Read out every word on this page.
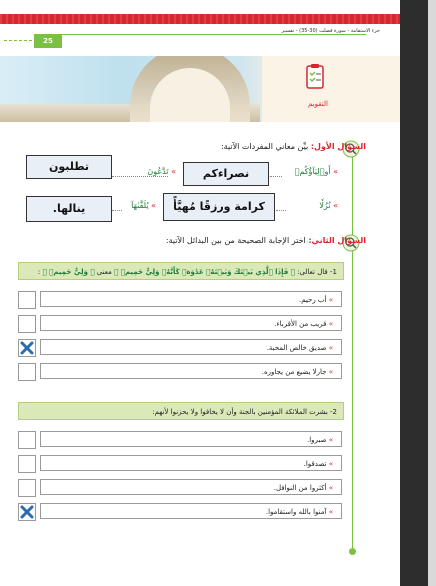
جزء الاستقامة - سورة فصلت (30-35) - تفسير
25
التقويم
السؤال الأول: بيِّن معاني المفردات الآتية:
» أَوۡلِيَآؤُكُمۡ
نصراءكم
» تَدَّعُونَ
تطلبون
» نُزُلٗا
كرامة ورزقًا مُهيَّأً
» يُلَقَّىٰهَآ
ينالها.
السؤال الثاني: اختر الإجابة الصحيحة من بين البدائل الآتية:
1- قال تعالى: ﴿ فَإِذَا ٱلَّذِي بَيۡنَكَ وَبَيۡنَهُۥ عَدَٰوَةٞ كَأَنَّهُۥ وَلِيٌّ حَمِيمٞ ﴾ معنى ﴿ وَلِيٌّ حَمِيمٞ ﴾ :
» أب رحيم.
» قريب من الأقرباء.
» صديق خالص المحبة.
» جارلا يضيع من يجاوره.
2- بشرت الملائكة المؤمنين بالجنة وأن لا يخافوا ولا يحزنوا لأنهم:
» صبروا.
» تصدقوا.
» أكثروا من النوافل.
» آمنوا بالله واستقاموا.
